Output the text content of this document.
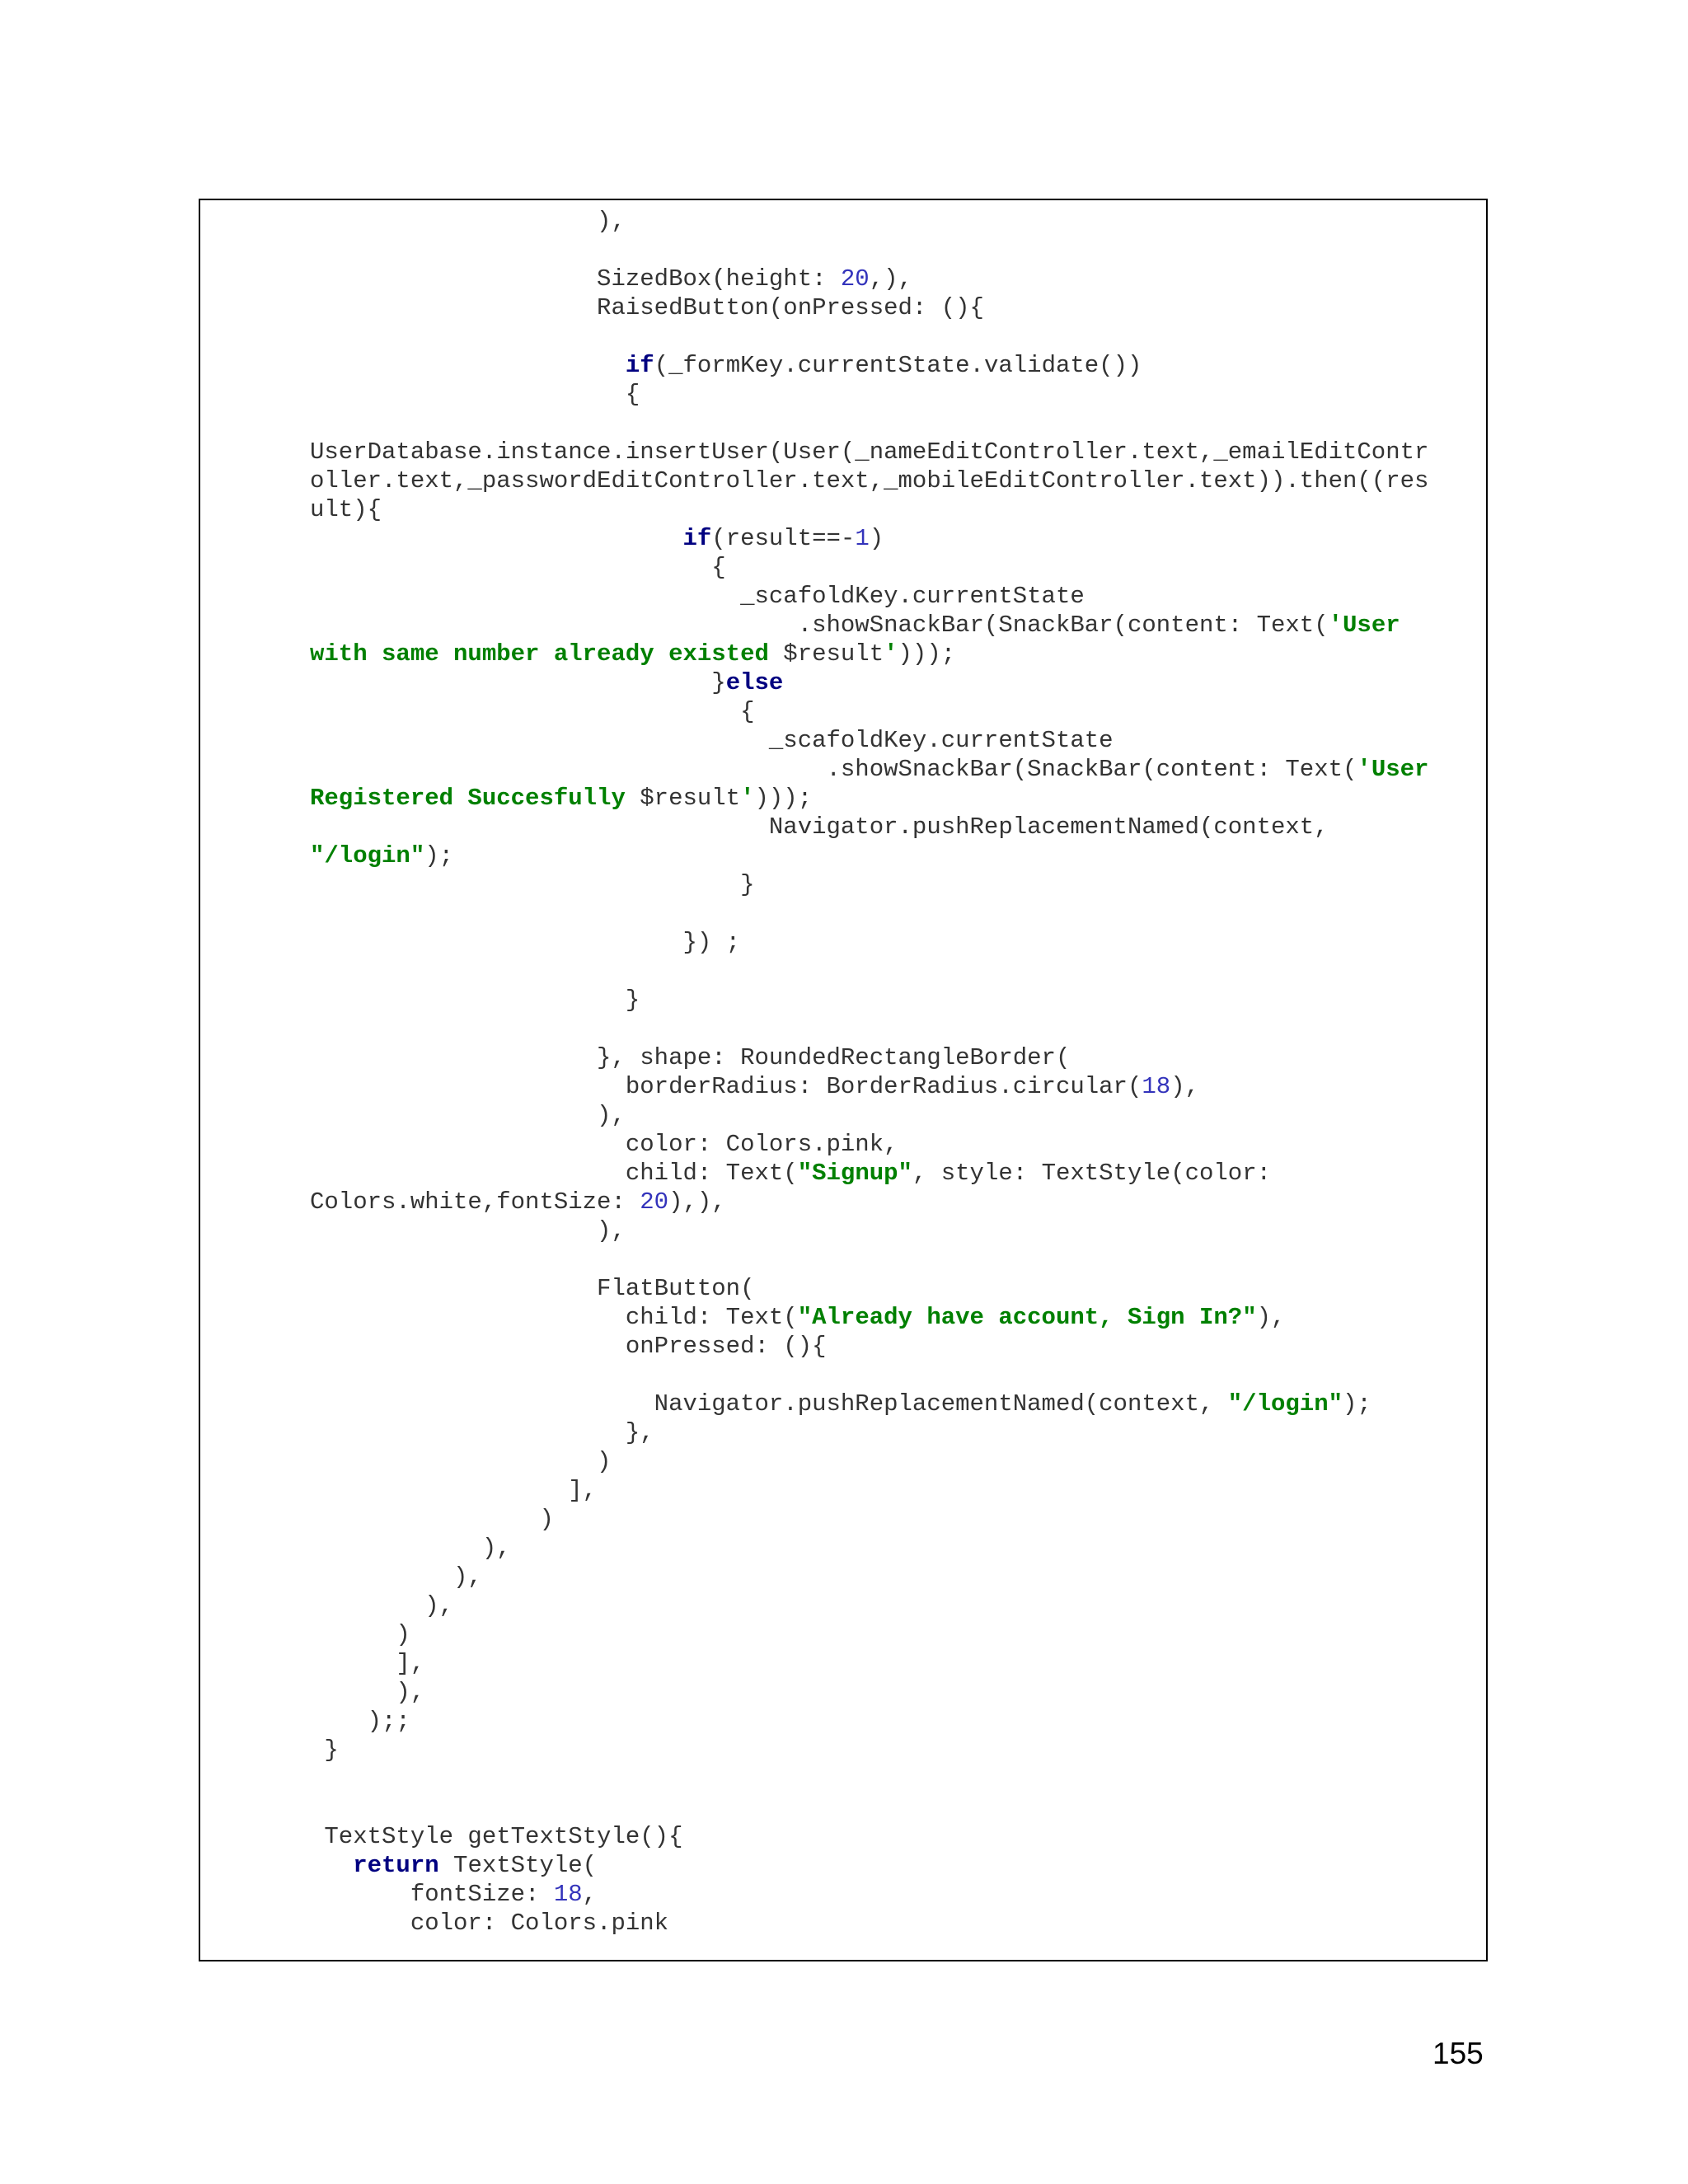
),
SizedBox(height: 20,),
RaisedButton(onPressed: (){
if(_formKey.currentState.validate())
{
UserDatabase.instance.insertUser(User(_nameEditController.text,_emailEditContr
oller.text,_passwordEditController.text,_mobileEditController.text)).then((res
ult){
if(result==-1)
{
_scafoldKey.currentState
.showSnackBar(SnackBar(content: Text('User
with same number already existed $result')));
}else
{
_scafoldKey.currentState
.showSnackBar(SnackBar(content: Text('User
Registered Succesfully $result')));
Navigator.pushReplacementNamed(context,
"/login");
}
}) ;
}
}, shape: RoundedRectangleBorder(
borderRadius: BorderRadius.circular(18),
),
color: Colors.pink,
child: Text("Signup", style: TextStyle(color:
Colors.white,fontSize: 20),),
),
FlatButton(
child: Text("Already have account, Sign In?"),
onPressed: (){
Navigator.pushReplacementNamed(context, "/login");
},
)
],
)
),
),
),
)
],
),
);;
}
TextStyle getTextStyle(){
return TextStyle(
fontSize: 18,
color: Colors.pink
155
